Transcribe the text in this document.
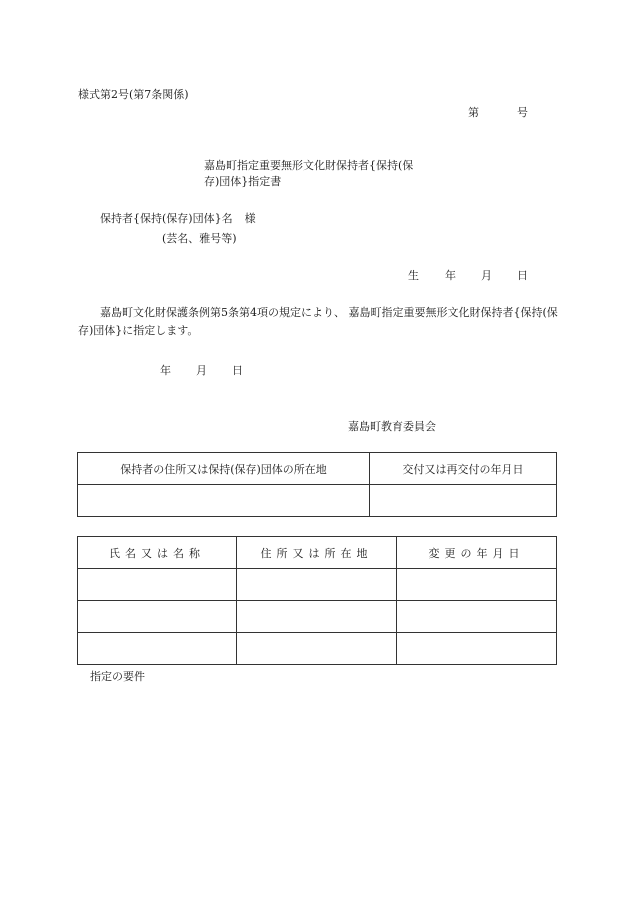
様式第2号(第7条関係)
第	号
嘉島町指定重要無形文化財保持者{保持(保
存)団体}指定書
保持者{保持(保存)団体}名 様
(芸名、雅号等)
生 年 月 日
嘉島町文化財保護条例第5条第4項の規定により、 嘉島町指定重要無形文化財保持者{保持(保存)団体}に指定します。
年 月 日
嘉島町教育委員会
保持者の住所又は保持(保存)団体の所在地	交付又は再交付の年月日

氏名又は名称	住所又は所在地	変更の年月日

指定の要件
